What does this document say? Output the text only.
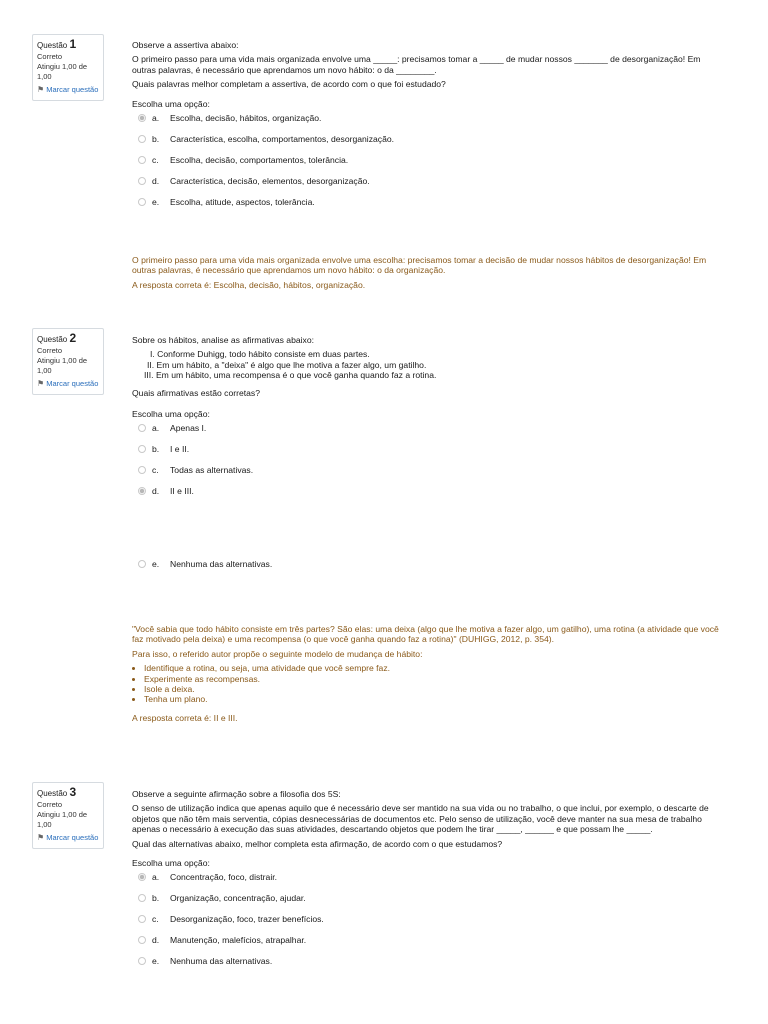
Questão 1
Correto
Atingiu 1,00 de 1,00
⚑ Marcar questão

Observe a assertiva abaixo:

O primeiro passo para uma vida mais organizada envolve uma _____: precisamos tomar a _____ de mudar nossos _______ de desorganização! Em outras palavras, é necessário que aprendamos um novo hábito: o da ________.

Quais palavras melhor completam a assertiva, de acordo com o que foi estudado?

Escolha uma opção:

a.	Escolha, decisão, hábitos, organização.
b.	Característica, escolha, comportamentos, desorganização.
c.	Escolha, decisão, comportamentos, tolerância.
d.	Característica, decisão, elementos, desorganização.
e.	Escolha, atitude, aspectos, tolerância.

O primeiro passo para uma vida mais organizada envolve uma escolha: precisamos tomar a decisão de mudar nossos hábitos de desorganização! Em outras palavras, é necessário que aprendamos um novo hábito: o da organização.

A resposta correta é: Escolha, decisão, hábitos, organização.

Questão 2
Correto
Atingiu 1,00 de 1,00
⚑ Marcar questão

Sobre os hábitos, analise as afirmativas abaixo:

I. Conforme Duhigg, todo hábito consiste em duas partes.
II. Em um hábito, a "deixa" é algo que lhe motiva a fazer algo, um gatilho.
III. Em um hábito, uma recompensa é o que você ganha quando faz a rotina.

Quais afirmativas estão corretas?

Escolha uma opção:

a.	Apenas I.
b.	I e II.
c.	Todas as alternativas.
d.	II e III.
e.	Nenhuma das alternativas.

"Você sabia que todo hábito consiste em três partes? São elas: uma deixa (algo que lhe motiva a fazer algo, um gatilho), uma rotina (a atividade que você faz motivado pela deixa) e uma recompensa (o que você ganha quando faz a rotina)" (DUHIGG, 2012, p. 354).

Para isso, o referido autor propõe o seguinte modelo de mudança de hábito:

• Identifique a rotina, ou seja, uma atividade que você sempre faz.
• Experimente as recompensas.
• Isole a deixa.
• Tenha um plano.

A resposta correta é: II e III.

Questão 3
Correto
Atingiu 1,00 de 1,00
⚑ Marcar questão

Observe a seguinte afirmação sobre a filosofia dos 5S:

O senso de utilização indica que apenas aquilo que é necessário deve ser mantido na sua vida ou no trabalho, o que inclui, por exemplo, o descarte de objetos que não têm mais serventia, cópias desnecessárias de documentos etc. Pelo senso de utilização, você deve manter na sua mesa de trabalho apenas o necessário à execução das suas atividades, descartando objetos que podem lhe tirar _____, ______ e que possam lhe _____.

Qual das alternativas abaixo, melhor completa esta afirmação, de acordo com o que estudamos?

Escolha uma opção:

a.	Concentração, foco, distrair.
b.	Organização, concentração, ajudar.
c.	Desorganização, foco, trazer benefícios.
d.	Manutenção, malefícios, atrapalhar.
e.	Nenhuma das alternativas.
